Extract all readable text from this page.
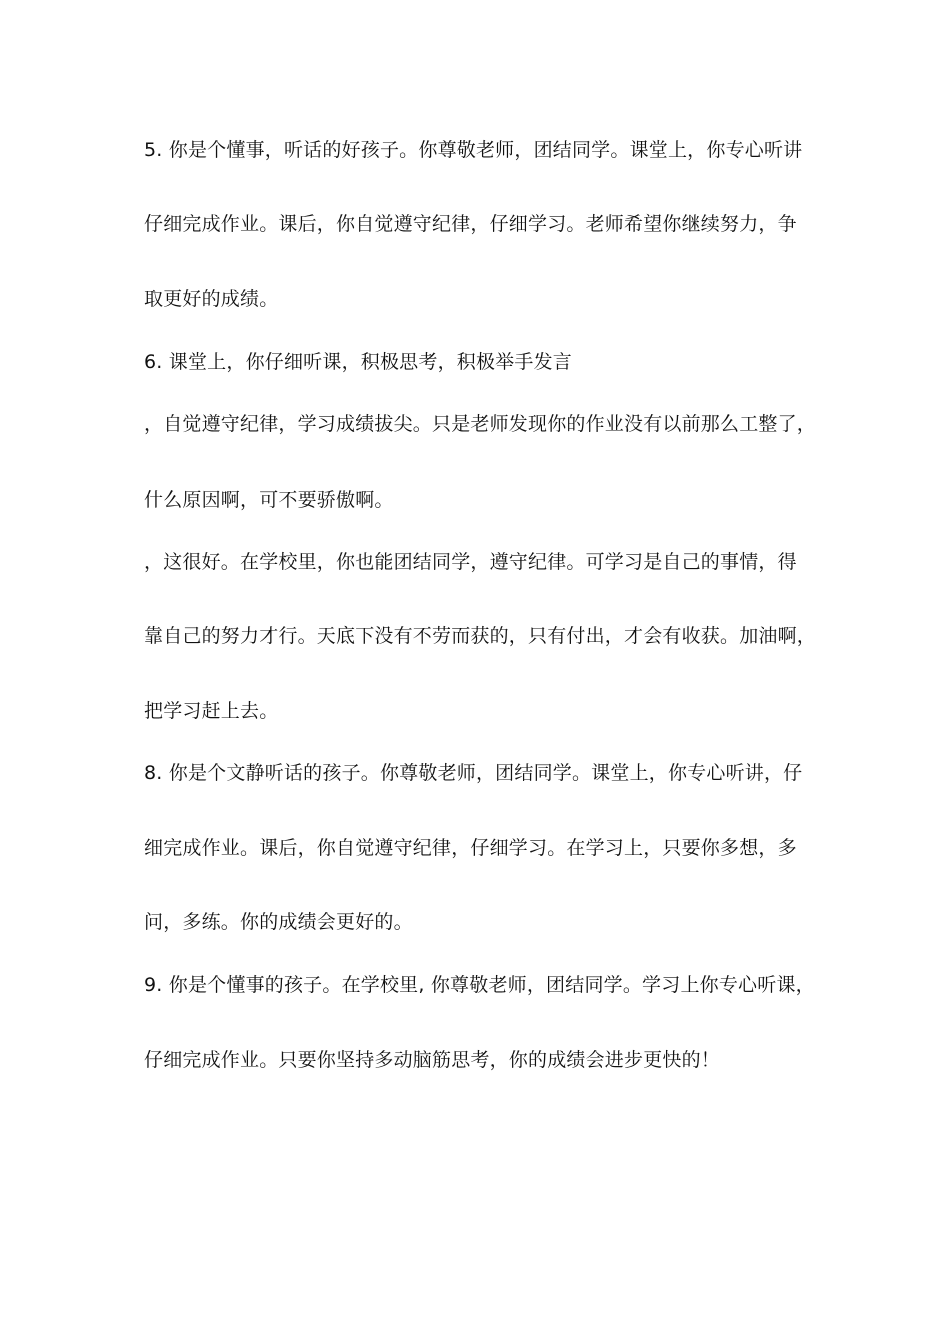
5. 你是个懂事，听话的好孩子。你尊敬老师，团结同学。课堂上，你专心听讲
仔细完成作业。课后，你自觉遵守纪律，仔细学习。老师希望你继续努力，争
取更好的成绩。
6. 课堂上，你仔细听课，积极思考，积极举手发言
，自觉遵守纪律，学习成绩拔尖。只是老师发现你的作业没有以前那么工整了，
什么原因啊，可不要骄傲啊。
，这很好。在学校里，你也能团结同学，遵守纪律。可学习是自己的事情，得
靠自己的努力才行。天底下没有不劳而获的，只有付出，才会有收获。加油啊，
把学习赶上去。
8. 你是个文静听话的孩子。你尊敬老师，团结同学。课堂上，你专心听讲，仔
细完成作业。课后，你自觉遵守纪律，仔细学习。在学习上，只要你多想，多
问，多练。你的成绩会更好的。
9. 你是个懂事的孩子。在学校里, 你尊敬老师，团结同学。学习上你专心听课，
仔细完成作业。只要你坚持多动脑筋思考，你的成绩会进步更快的！
